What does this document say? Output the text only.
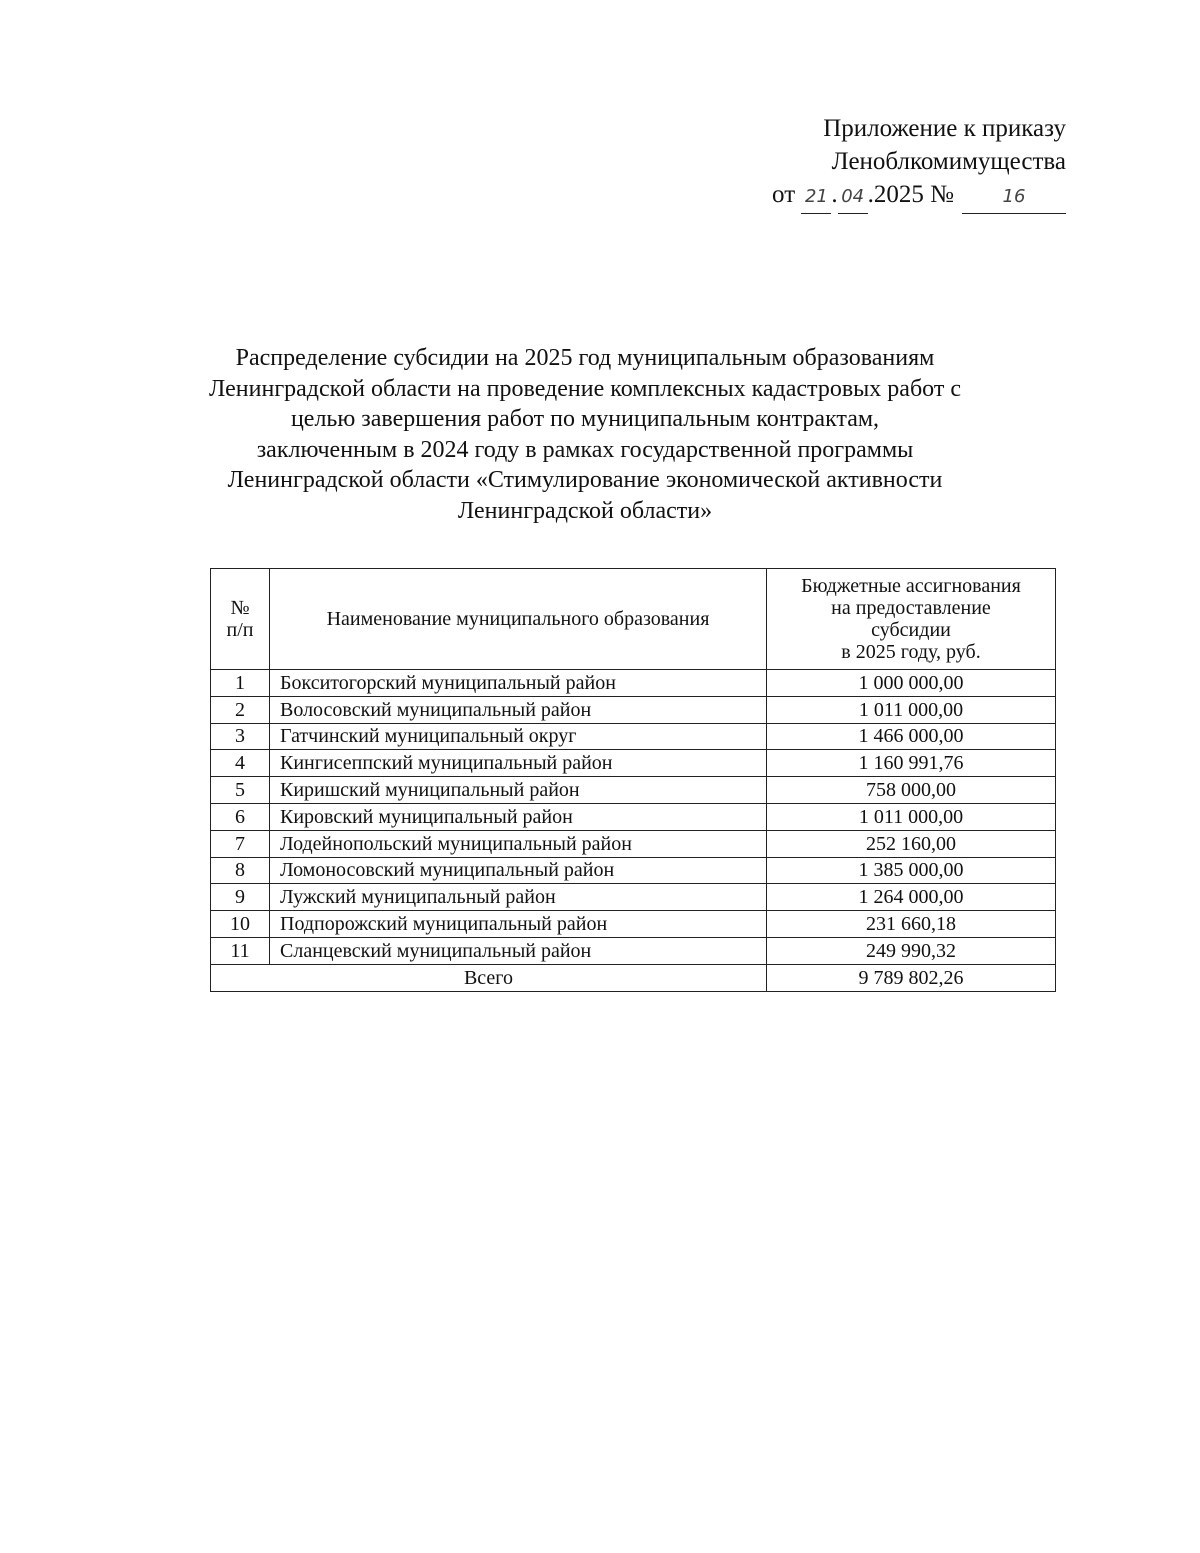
Приложение к приказу
Леноблкомимущества
от 21 . 04 .2025 №	16
Распределение субсидии на 2025 год муниципальным образованиям
Ленинградской области на проведение комплексных кадастровых работ с
целью завершения работ по муниципальным контрактам,
заключенным в 2024 году в рамках государственной программы
Ленинградской области «Стимулирование экономической активности
Ленинградской области»
№
п/п	Наименование муниципального образования	Бюджетные ассигнования
на предоставление
субсидии
в 2025 году, руб.

1	Бокситогорский муниципальный район	1 000 000,00
2	Волосовский муниципальный район	1 011 000,00
3	Гатчинский муниципальный округ	1 466 000,00
4	Кингисеппский муниципальный район	1 160 991,76
5	Киришский муниципальный район	758 000,00
6	Кировский муниципальный район	1 011 000,00
7	Лодейнопольский муниципальный район	252 160,00
8	Ломоносовский муниципальный район	1 385 000,00
9	Лужский муниципальный район	1 264 000,00
10	Подпорожский муниципальный район	231 660,18
11	Сланцевский муниципальный район	249 990,32
Всего		9 789 802,26
